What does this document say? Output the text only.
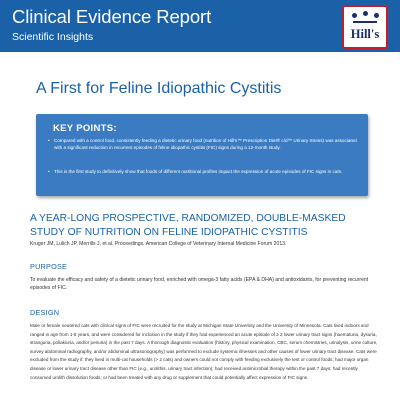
Clinical Evidence Report
Scientific Insights	Hill's
A First for Feline Idiopathic Cystitis
KEY POINTS:
• Compared with a control food, consistently feeding a dietetic urinary food (nutrition of Hill's™ Prescription Diet® c/d™ Urinary Stress) was associated with a significant reduction in recurrent episodes of feline idiopathic cystitis (FIC) signs during a 12-month study.
• This is the first study to definitively show that foods of different nutritional profiles impact the expression of acute episodes of FIC signs in cats.
A YEAR-LONG PROSPECTIVE, RANDOMIZED, DOUBLE-MASKED STUDY OF NUTRITION ON FELINE IDIOPATHIC CYSTITIS
Kruger JM, Lulich JP, Merrills J, et al. Proceedings. American College of Veterinary Internal Medicine Forum 2013.
PURPOSE
To evaluate the efficacy and safety of a dietetic urinary food, enriched with omega-3 fatty acids (EPA & DHA) and antioxidants, for preventing recurrent episodes of FIC.
DESIGN
Male or female neutered cats with clinical signs of FIC were recruited for the study at Michigan State University and the University of Minnesota. Cats lived indoors and ranged in age from 1-8 years, and were considered for inclusion in the study if they had experienced an acute episode of ≥ 2 lower urinary tract signs (haematuria, dysuria, stranguria, pollakiuria, and/or periuria) in the past 7 days. A thorough diagnostic evaluation (history, physical examination, CBC, serum chemistries, urinalysis, urine culture, survey abdominal radiography, and/or abdominal ultrasonography) was performed to exclude systemic illnesses and other causes of lower urinary tract disease. Cats were excluded from the study if: they lived in multi-cat households (> 2 cats) and owners could not comply with feeding exclusively the test or control foods; had major organ disease or lower urinary tract disease other than FIC (e.g., urolithis, urinary tract infection); had received antimicrobial therapy within the past 7 days; had recently consumed urolith dissolution foods; or had been treated with any drug or supplement that could potentially affect expression of FIC signs.
